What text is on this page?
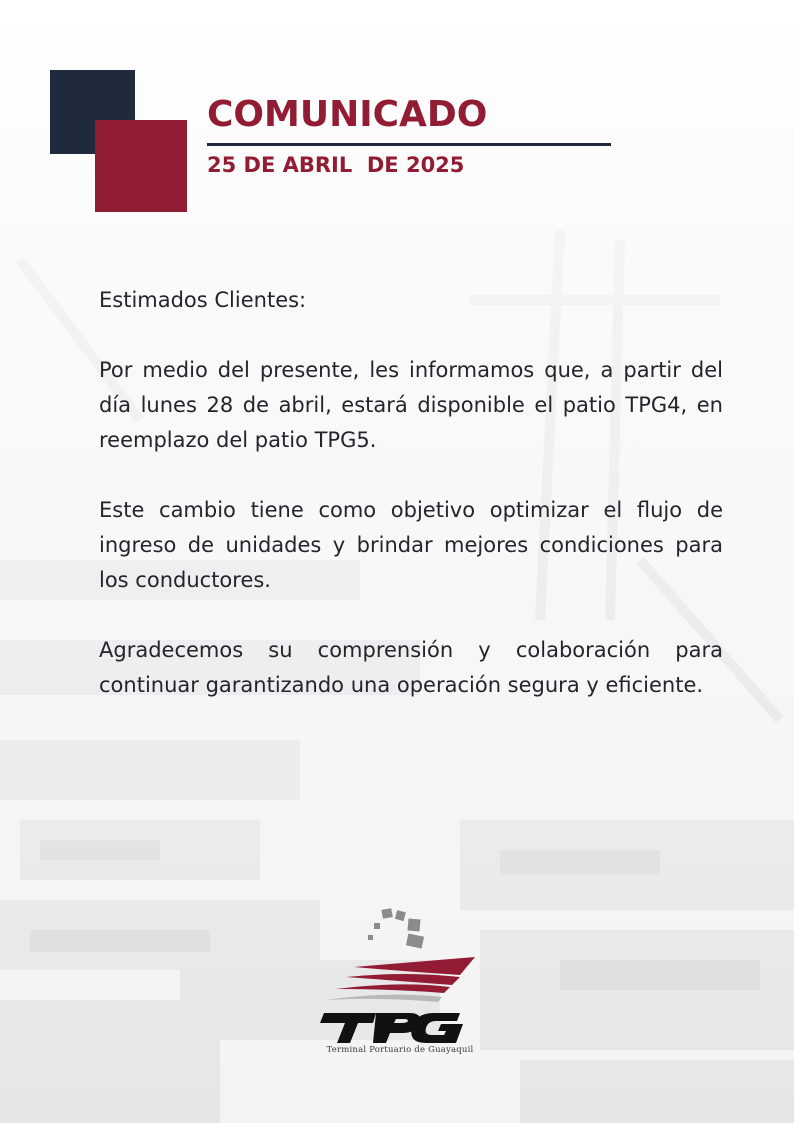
COMUNICADO
25 DE ABRIL  DE 2025

Estimados Clientes:

Por medio del presente, les informamos que, a partir del día lunes 28 de abril, estará disponible el patio TPG4, en reemplazo del patio TPG5.

Este cambio tiene como objetivo optimizar el flujo de ingreso de unidades y brindar mejores condiciones para los conductores.

Agradecemos su comprensión y colaboración para continuar garantizando una operación segura y eficiente.

Terminal Portuario de Guayaquil
